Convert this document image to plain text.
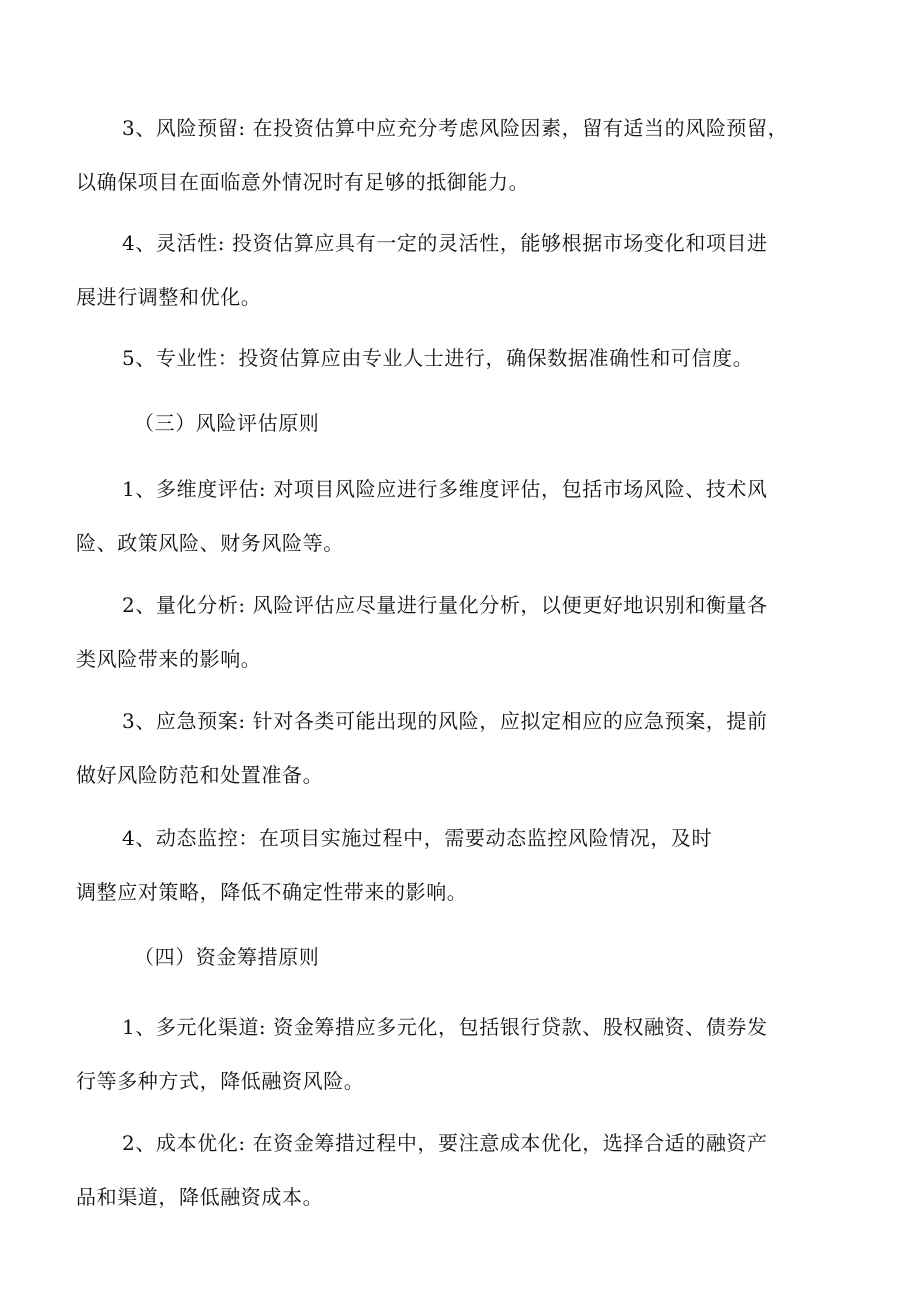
3、风险预留: 在投资估算中应充分考虑风险因素，留有适当的风险预留，
以确保项目在面临意外情况时有足够的抵御能力。
4、灵活性: 投资估算应具有一定的灵活性，能够根据市场变化和项目进
展进行调整和优化。
5、专业性：投资估算应由专业人士进行，确保数据准确性和可信度。
（三）风险评估原则
1、多维度评估: 对项目风险应进行多维度评估，包括市场风险、技术风
险、政策风险、财务风险等。
2、量化分析: 风险评估应尽量进行量化分析，以便更好地识别和衡量各
类风险带来的影响。
3、应急预案: 针对各类可能出现的风险，应拟定相应的应急预案，提前
做好风险防范和处置准备。
4、动态监控：在项目实施过程中，需要动态监控风险情况，及时
调整应对策略，降低不确定性带来的影响。
（四）资金筹措原则
1、多元化渠道: 资金筹措应多元化，包括银行贷款、股权融资、债券发
行等多种方式，降低融资风险。
2、成本优化: 在资金筹措过程中，要注意成本优化，选择合适的融资产
品和渠道，降低融资成本。
